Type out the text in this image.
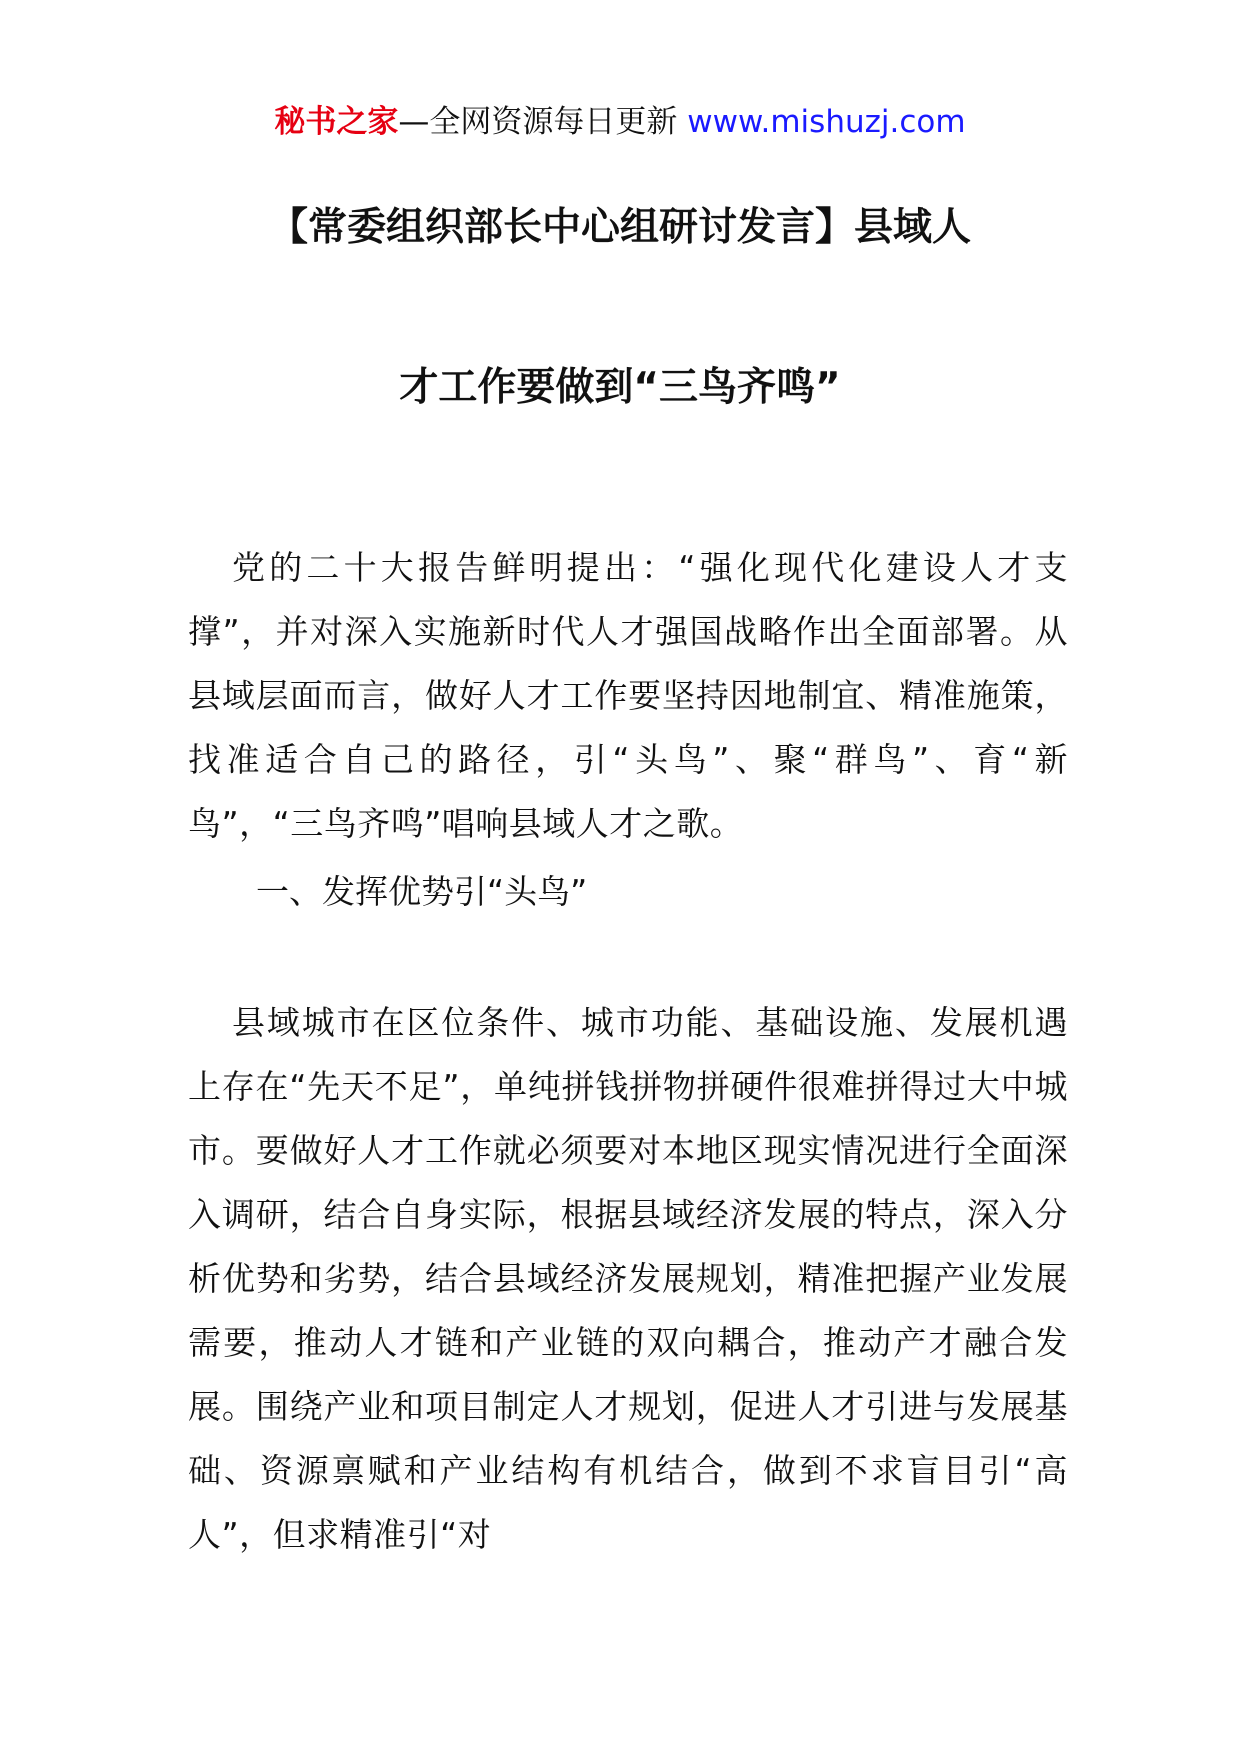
秘书之家—全网资源每日更新 www.mishuzj.com
【常委组织部长中心组研讨发言】县域人
才工作要做到“三鸟齐鸣”

党的二十大报告鲜明提出：“强化现代化建设人才支撑”，并对深入实施新时代人才强国战略作出全面部署。从县域层面而言，做好人才工作要坚持因地制宜、精准施策，找准适合自己的路径，引“头鸟”、聚“群鸟”、育“新鸟”，“三鸟齐鸣”唱响县域人才之歌。

一、发挥优势引“头鸟”

县域城市在区位条件、城市功能、基础设施、发展机遇上存在“先天不足”，单纯拼钱拼物拼硬件很难拼得过大中城市。要做好人才工作就必须要对本地区现实情况进行全面深入调研，结合自身实际，根据县域经济发展的特点，深入分析优势和劣势，结合县域经济发展规划，精准把握产业发展需要，推动人才链和产业链的双向耦合，推动产才融合发展。围绕产业和项目制定人才规划，促进人才引进与发展基础、资源禀赋和产业结构有机结合，做到不求盲目引“高人”，但求精准引“对
